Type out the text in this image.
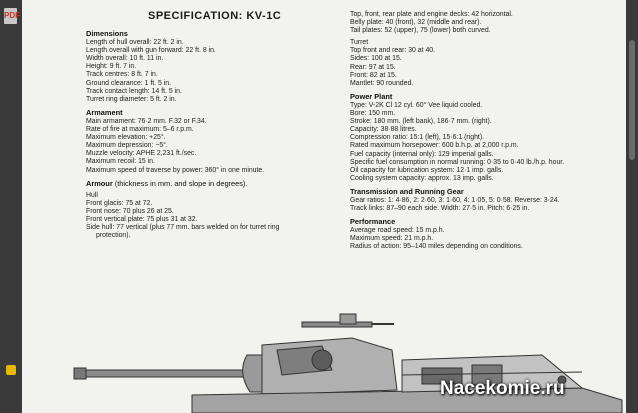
PDF	SPECIFICATION: KV-1C
Dimensions
Length of hull overall: 22 ft. 2 in.
Length overall with gun forward: 22 ft. 8 in.
Width overall: 10 ft. 11 in.
Height: 9 ft. 7 in.
Track centres: 8 ft. 7 in.
Ground clearance: 1 ft. 5 in.
Track contact length: 14 ft. 5 in.
Turret ring diameter: 5 ft. 2 in.
Armament
Main armament: 76·2 mm. F.32 or F.34.
Rate of fire at maximum: 5–6 r.p.m.
Maximum elevation: +25°.
Maximum depression: −5°.
Muzzle velocity: APHE 2,231 ft./sec.
Maximum recoil: 15 in.
Maximum speed of traverse by power: 360° in one minute.
Armour (thickness in mm. and slope in degrees).
Hull
Front glacis: 75 at 72.
Front nose: 70 plus 26 at 25.
Front vertical plate: 75 plus 31 at 32.
Side hull: 77 vertical (plus 77 mm. bars welded on for turret ring
protection).
Top, front, rear plate and engine decks: 42 horizontal.
Belly plate: 40 (front), 32 (middle and rear).
Tail plates: 52 (upper), 75 (lower) both curved.
Turret
Top front and rear: 30 at 40.
Sides: 100 at 15.
Rear: 97 at 15.
Front: 82 at 15.
Mantlet: 90 rounded.
Power Plant
Type: V-2K Cl 12 cyl. 60° Vee liquid cooled.
Bore: 150 mm.
Stroke: 180 mm. (left bank), 186·7 mm. (right).
Capacity: 38·88 litres.
Compression ratio: 15:1 (left), 15·6:1 (right).
Rated maximum horsepower: 600 b.h.p. at 2,000 r.p.m.
Fuel capacity (internal only): 129 imperial galls.
Specific fuel consumption in normal running: 0·35 to 0·40 lb./h.p. hour.
Oil capacity for lubrication system: 12·1 imp. galls.
Cooling system capacity: approx. 13 imp. galls.
Transmission and Running Gear
Gear ratios: 1: 4·86, 2: 2·60, 3: 1·60, 4: 1·05, 5: 0·58. Reverse: 3·24.
Track links: 87–90 each side. Width: 27·5 in. Pitch: 6·25 in.
Performance
Average road speed: 15 m.p.h.
Maximum speed: 21 m.p.h.
Radius of action: 95–140 miles depending on conditions.
Nacekomie.ru
